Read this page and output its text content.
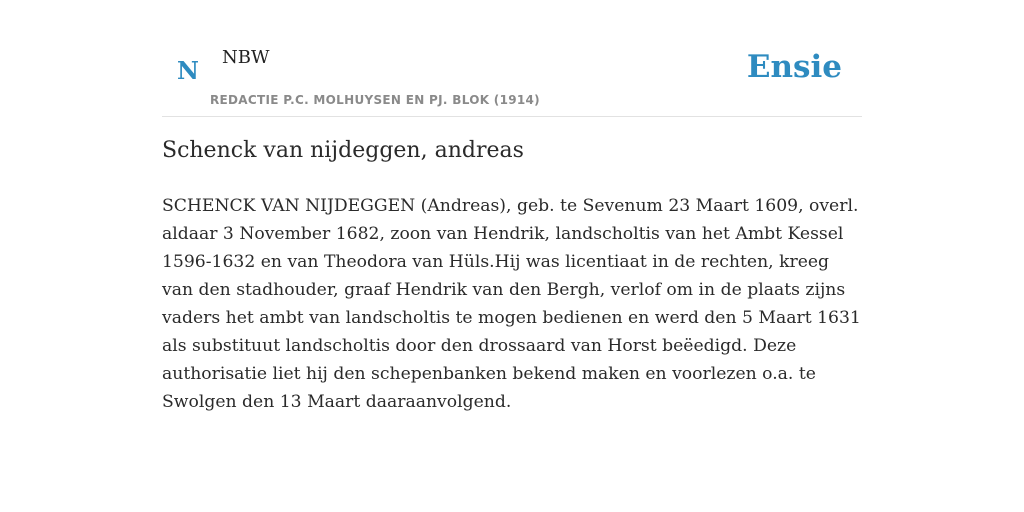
N NBW
REDACTIE P.C. MOLHUYSEN EN PJ. BLOK (1914)
Ensie
Schenck van nijdeggen, andreas

SCHENCK VAN NIJDEGGEN (Andreas), geb. te Sevenum 23 Maart 1609, overl. aldaar 3 November 1682, zoon van Hendrik, landscholtis van het Ambt Kessel 1596-1632 en van Theodora van Hüls.Hij was licentiaat in de rechten, kreeg van den stadhouder, graaf Hendrik van den Bergh, verlof om in de plaats zijns vaders het ambt van landscholtis te mogen bedienen en werd den 5 Maart 1631 als substituut landscholtis door den drossaard van Horst beëedigd. Deze authorisatie liet hij den schepenbanken bekend maken en voorlezen o.a. te Swolgen den 13 Maart daaraanvolgend.
